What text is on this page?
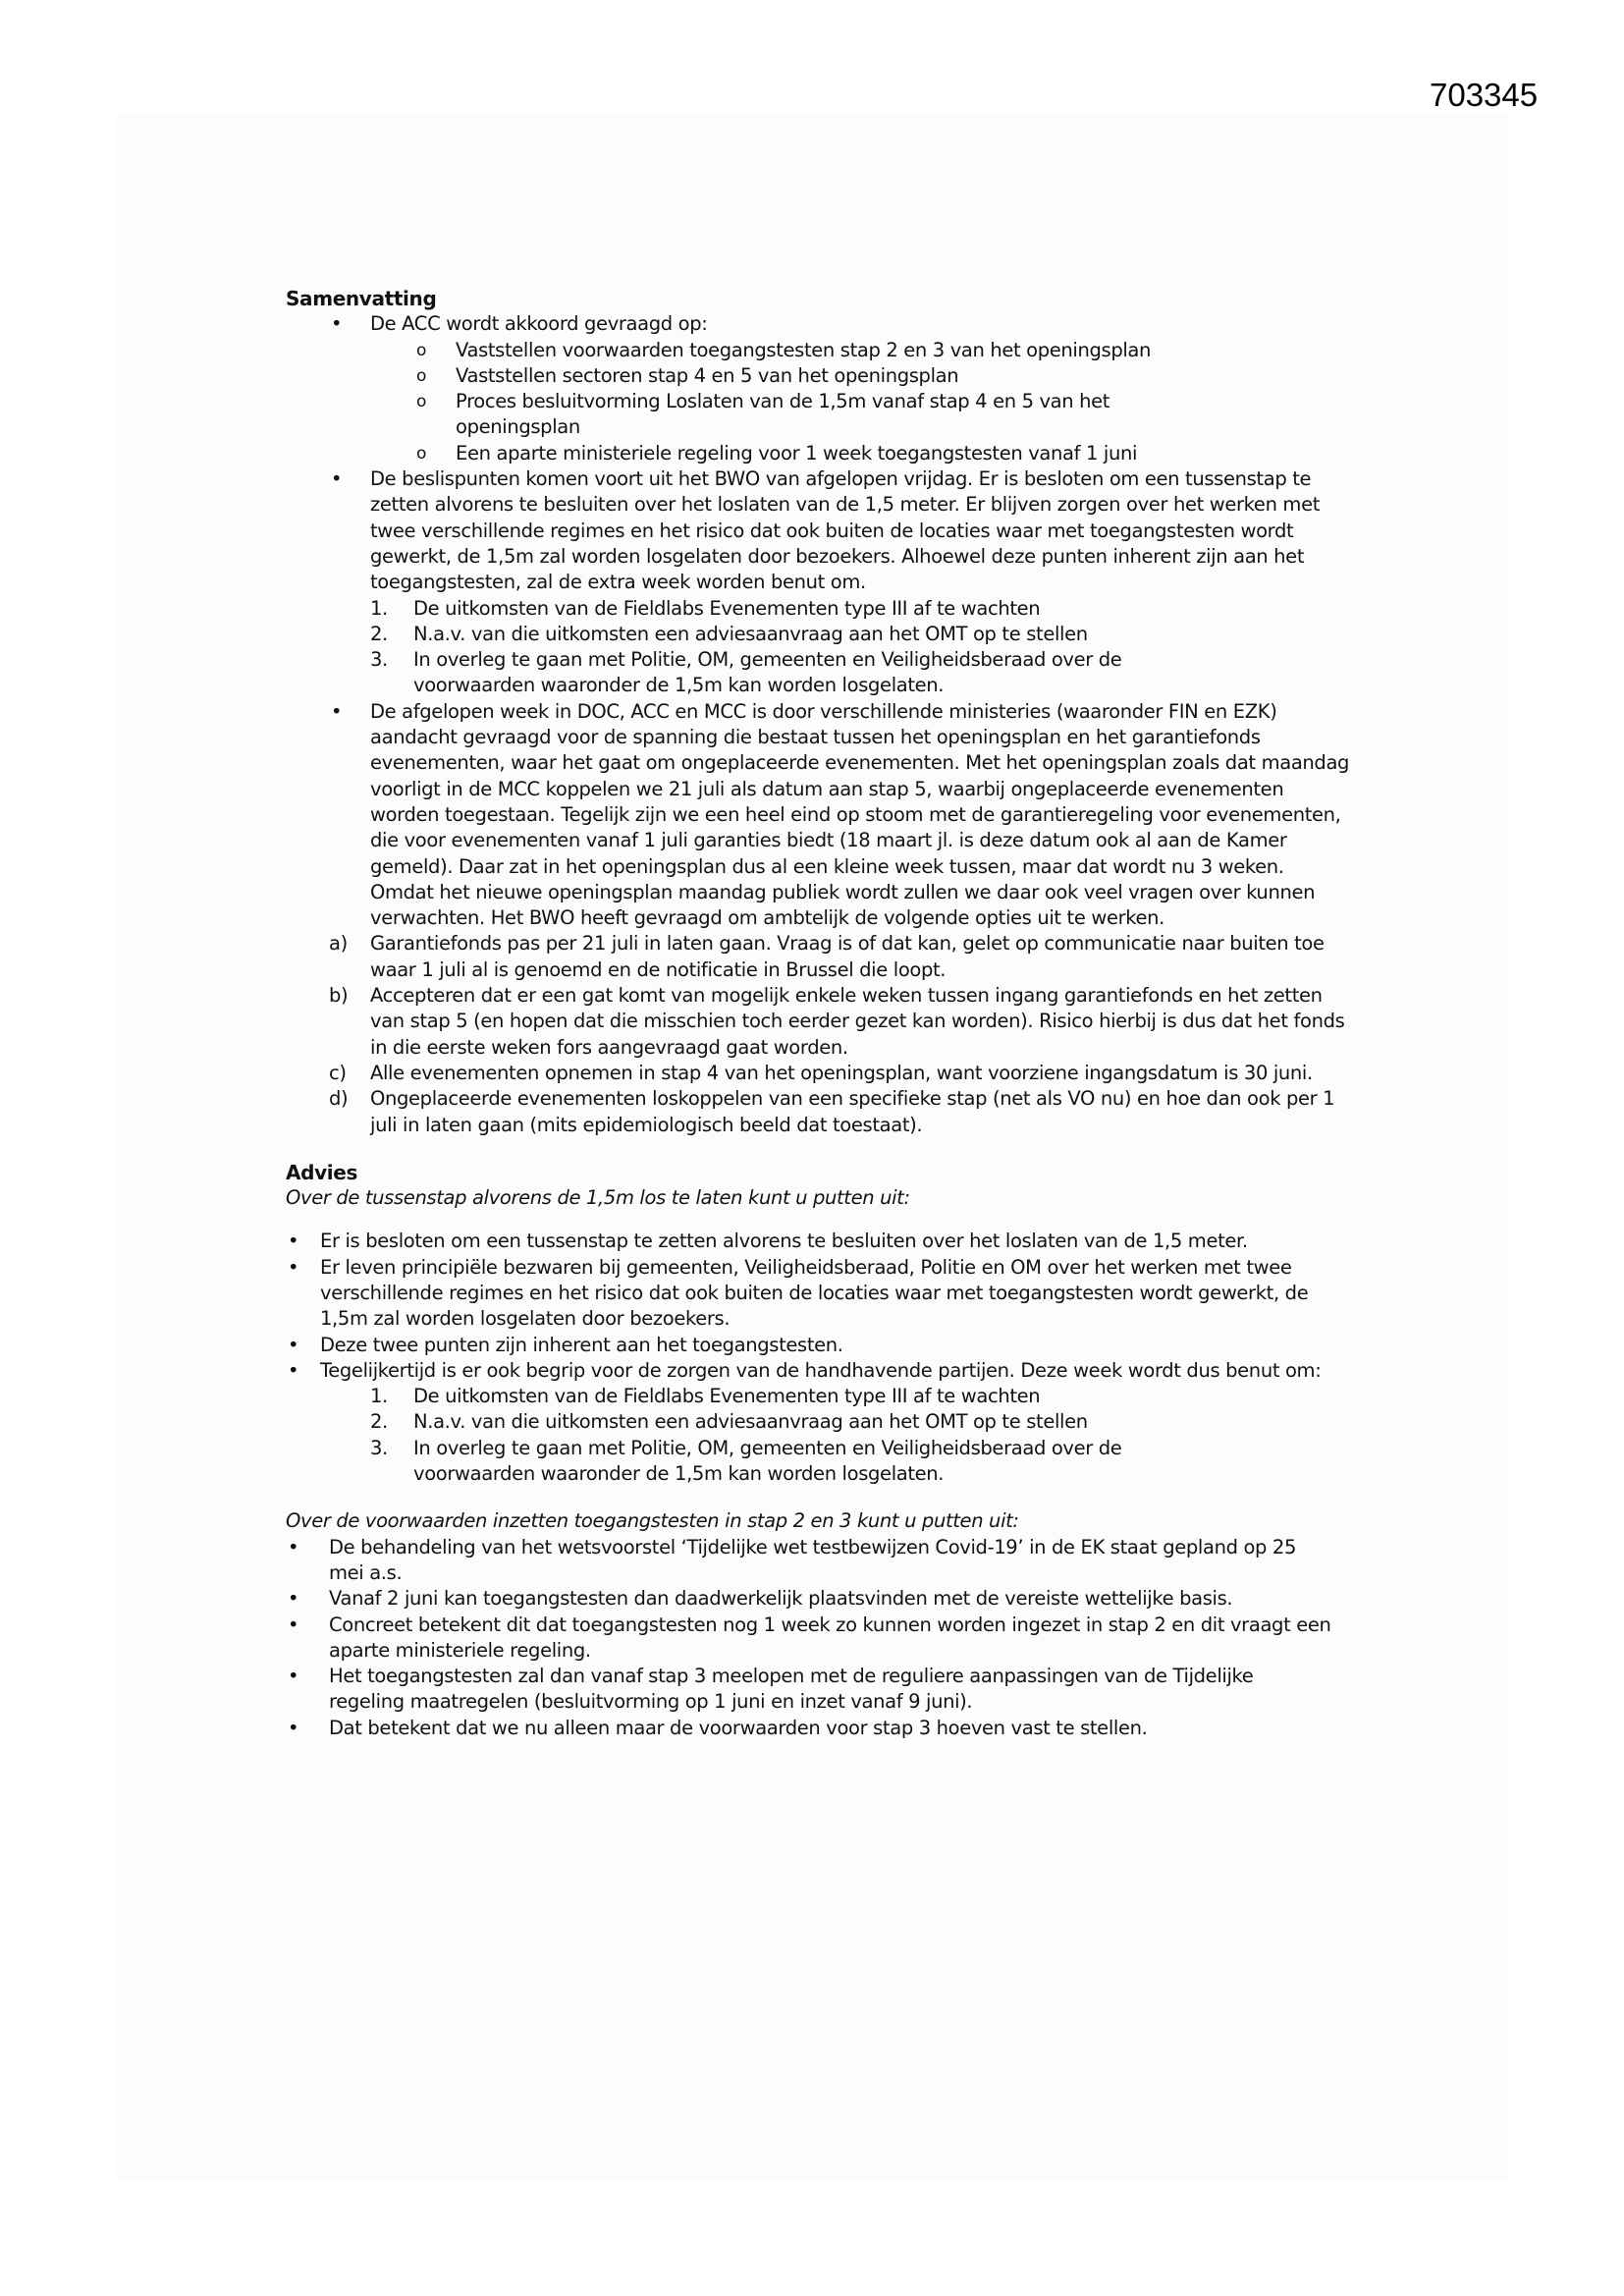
703345
Samenvatting
• De ACC wordt akkoord gevraagd op:
o Vaststellen voorwaarden toegangstesten stap 2 en 3 van het openingsplan
o Vaststellen sectoren stap 4 en 5 van het openingsplan
o Proces besluitvorming Loslaten van de 1,5m vanaf stap 4 en 5 van het openingsplan
o Een aparte ministeriele regeling voor 1 week toegangstesten vanaf 1 juni
• De beslispunten komen voort uit het BWO van afgelopen vrijdag. Er is besloten om een tussenstap te zetten alvorens te besluiten over het loslaten van de 1,5 meter. Er blijven zorgen over het werken met twee verschillende regimes en het risico dat ook buiten de locaties waar met toegangstesten wordt gewerkt, de 1,5m zal worden losgelaten door bezoekers. Alhoewel deze punten inherent zijn aan het toegangstesten, zal de extra week worden benut om.
1. De uitkomsten van de Fieldlabs Evenementen type III af te wachten
2. N.a.v. van die uitkomsten een adviesaanvraag aan het OMT op te stellen
3. In overleg te gaan met Politie, OM, gemeenten en Veiligheidsberaad over de voorwaarden waaronder de 1,5m kan worden losgelaten.
• De afgelopen week in DOC, ACC en MCC is door verschillende ministeries (waaronder FIN en EZK) aandacht gevraagd voor de spanning die bestaat tussen het openingsplan en het garantiefonds evenementen, waar het gaat om ongeplaceerde evenementen. Met het openingsplan zoals dat maandag voorligt in de MCC koppelen we 21 juli als datum aan stap 5, waarbij ongeplaceerde evenementen worden toegestaan. Tegelijk zijn we een heel eind op stoom met de garantieregeling voor evenementen, die voor evenementen vanaf 1 juli garanties biedt (18 maart jl. is deze datum ook al aan de Kamer gemeld). Daar zat in het openingsplan dus al een kleine week tussen, maar dat wordt nu 3 weken. Omdat het nieuwe openingsplan maandag publiek wordt zullen we daar ook veel vragen over kunnen verwachten. Het BWO heeft gevraagd om ambtelijk de volgende opties uit te werken.
a) Garantiefonds pas per 21 juli in laten gaan. Vraag is of dat kan, gelet op communicatie naar buiten toe waar 1 juli al is genoemd en de notificatie in Brussel die loopt.
b) Accepteren dat er een gat komt van mogelijk enkele weken tussen ingang garantiefonds en het zetten van stap 5 (en hopen dat die misschien toch eerder gezet kan worden). Risico hierbij is dus dat het fonds in die eerste weken fors aangevraagd gaat worden.
c) Alle evenementen opnemen in stap 4 van het openingsplan, want voorziene ingangsdatum is 30 juni.
d) Ongeplaceerde evenementen loskoppelen van een specifieke stap (net als VO nu) en hoe dan ook per 1 juli in laten gaan (mits epidemiologisch beeld dat toestaat).
Advies
Over de tussenstap alvorens de 1,5m los te laten kunt u putten uit:
• Er is besloten om een tussenstap te zetten alvorens te besluiten over het loslaten van de 1,5 meter.
• Er leven principiële bezwaren bij gemeenten, Veiligheidsberaad, Politie en OM over het werken met twee verschillende regimes en het risico dat ook buiten de locaties waar met toegangstesten wordt gewerkt, de 1,5m zal worden losgelaten door bezoekers.
• Deze twee punten zijn inherent aan het toegangstesten.
• Tegelijkertijd is er ook begrip voor de zorgen van de handhavende partijen. Deze week wordt dus benut om:
1. De uitkomsten van de Fieldlabs Evenementen type III af te wachten
2. N.a.v. van die uitkomsten een adviesaanvraag aan het OMT op te stellen
3. In overleg te gaan met Politie, OM, gemeenten en Veiligheidsberaad over de voorwaarden waaronder de 1,5m kan worden losgelaten.
Over de voorwaarden inzetten toegangstesten in stap 2 en 3 kunt u putten uit:
• De behandeling van het wetsvoorstel ‘Tijdelijke wet testbewijzen Covid-19’ in de EK staat gepland op 25 mei a.s.
• Vanaf 2 juni kan toegangstesten dan daadwerkelijk plaatsvinden met de vereiste wettelijke basis.
• Concreet betekent dit dat toegangstesten nog 1 week zo kunnen worden ingezet in stap 2 en dit vraagt een aparte ministeriele regeling.
• Het toegangstesten zal dan vanaf stap 3 meelopen met de reguliere aanpassingen van de Tijdelijke regeling maatregelen (besluitvorming op 1 juni en inzet vanaf 9 juni).
• Dat betekent dat we nu alleen maar de voorwaarden voor stap 3 hoeven vast te stellen.
